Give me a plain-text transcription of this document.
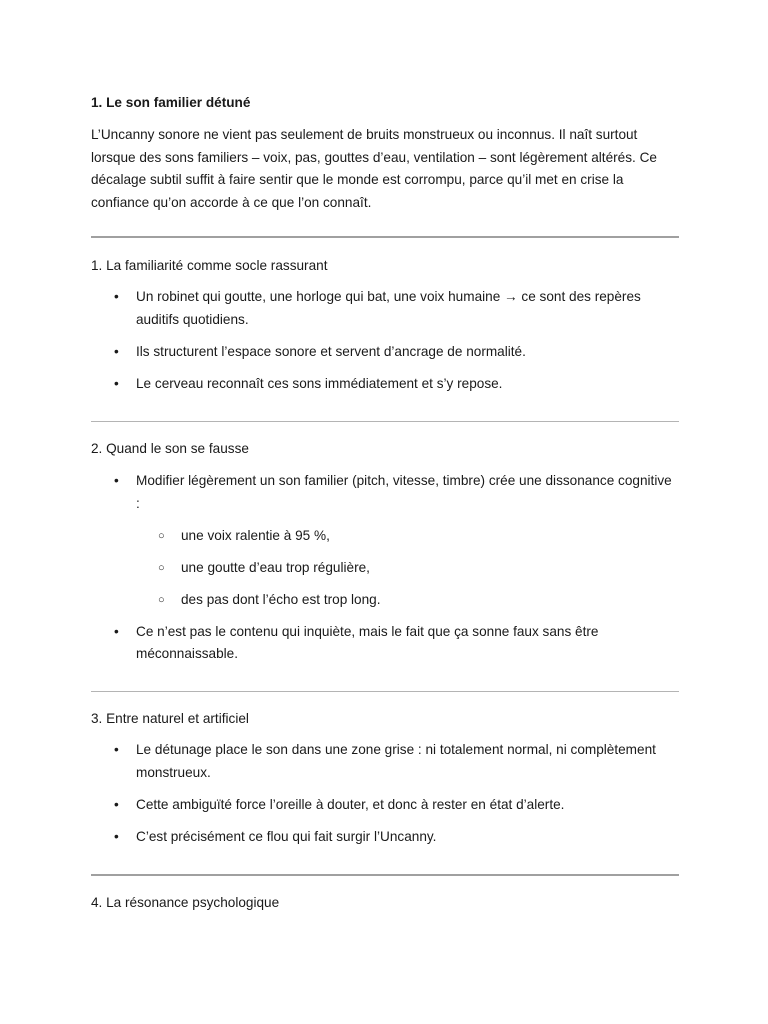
1. Le son familier détuné

L’Uncanny sonore ne vient pas seulement de bruits monstrueux ou inconnus. Il naît surtout lorsque des sons familiers – voix, pas, gouttes d’eau, ventilation – sont légèrement altérés. Ce décalage subtil suffit à faire sentir que le monde est corrompu, parce qu’il met en crise la confiance qu’on accorde à ce que l’on connaît.

1. La familiarité comme socle rassurant
•	Un robinet qui goutte, une horloge qui bat, une voix humaine → ce sont des repères auditifs quotidiens.
•	Ils structurent l’espace sonore et servent d’ancrage de normalité.
•	Le cerveau reconnaît ces sons immédiatement et s’y repose.
2. Quand le son se fausse
•	Modifier légèrement un son familier (pitch, vitesse, timbre) crée une dissonance cognitive :
○ une voix ralentie à 95 %,
○ une goutte d’eau trop régulière,
○ des pas dont l’écho est trop long.
•	Ce n’est pas le contenu qui inquiète, mais le fait que ça sonne faux sans être méconnaissable.
3. Entre naturel et artificiel
•	Le détunage place le son dans une zone grise : ni totalement normal, ni complètement monstrueux.
•	Cette ambiguïté force l’oreille à douter, et donc à rester en état d’alerte.
•	C’est précisément ce flou qui fait surgir l’Uncanny.
4. La résonance psychologique
